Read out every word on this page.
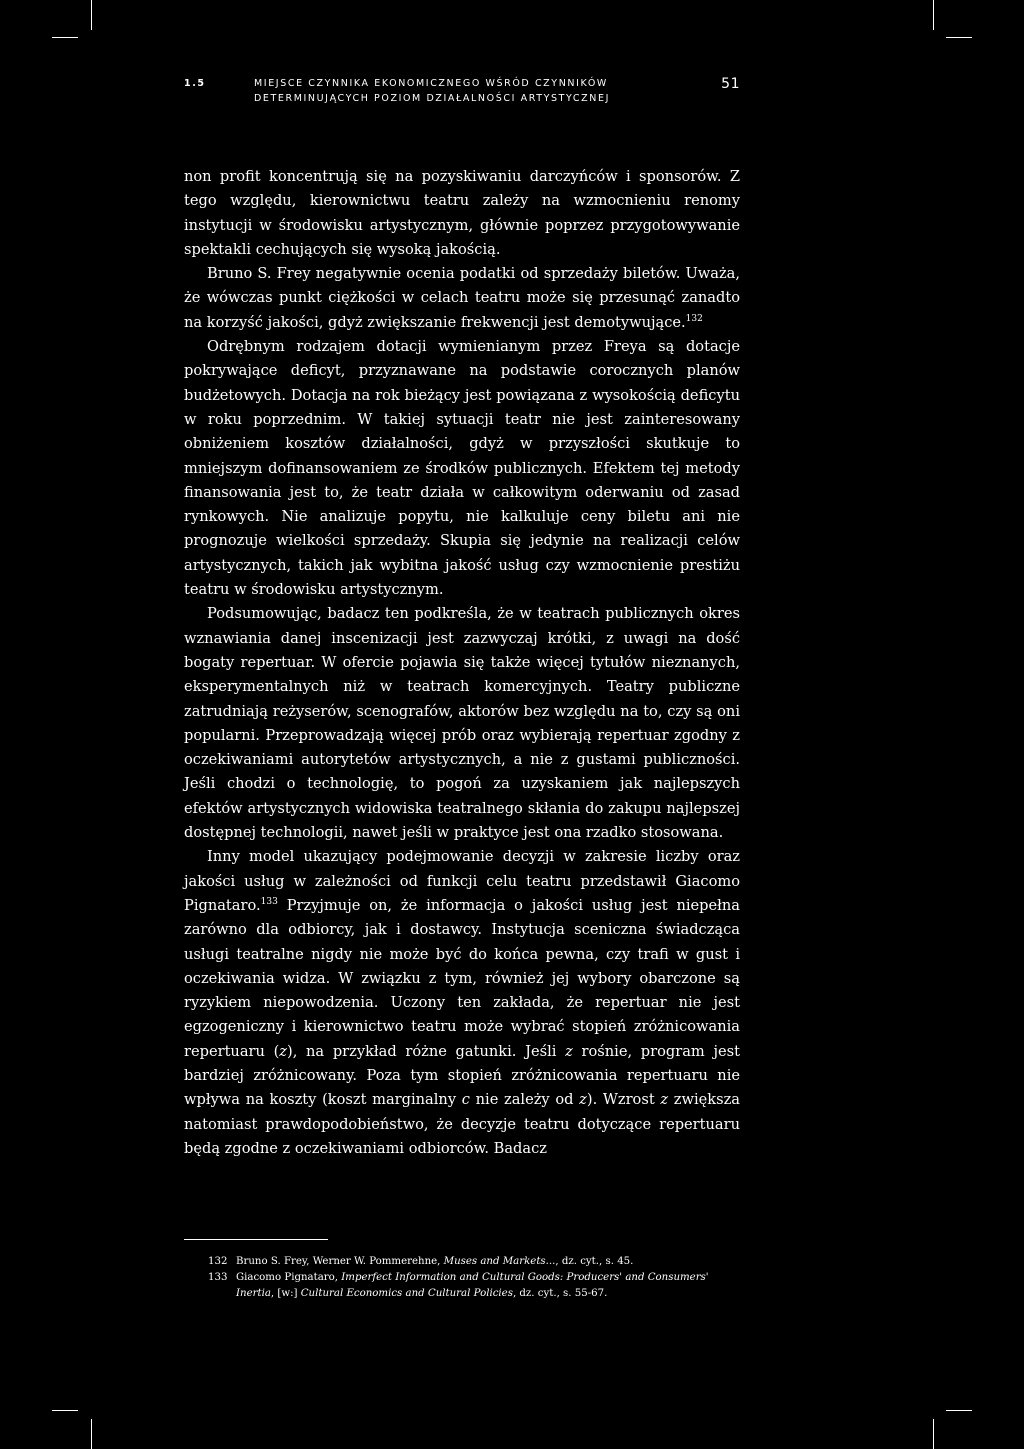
1.5	MIEJSCE CZYNNIKA EKONOMICZNEGO WŚRÓD CZYNNIKÓW
DETERMINUJĄCYCH POZIOM DZIAŁALNOŚCI ARTYSTYCZNEJ
51

non profit koncentrują się na pozyskiwaniu darczyńców i sponsorów. Z tego względu, kierownictwu teatru zależy na wzmocnieniu renomy instytucji w środowisku artystycznym, głównie poprzez przygotowywanie spektakli cechujących się wysoką jakością.

Bruno S. Frey negatywnie ocenia podatki od sprzedaży biletów. Uważa, że wówczas punkt ciężkości w celach teatru może się przesunąć zanadto na korzyść jakości, gdyż zwiększanie frekwencji jest demotywujące.$^{132}$

Odrębnym rodzajem dotacji wymienianym przez Freya są dotacje pokrywające deficyt, przyznawane na podstawie corocznych planów budżetowych. Dotacja na rok bieżący jest powiązana z wysokością deficytu w roku poprzednim. W takiej sytuacji teatr nie jest zainteresowany obniżeniem kosztów działalności, gdyż w przyszłości skutkuje to mniejszym dofinansowaniem ze środków publicznych. Efektem tej metody finansowania jest to, że teatr działa w całkowitym oderwaniu od zasad rynkowych. Nie analizuje popytu, nie kalkuluje ceny biletu ani nie prognozuje wielkości sprzedaży. Skupia się jedynie na realizacji celów artystycznych, takich jak wybitna jakość usług czy wzmocnienie prestiżu teatru w środowisku artystycznym.

Podsumowując, badacz ten podkreśla, że w teatrach publicznych okres wznawiania danej inscenizacji jest zazwyczaj krótki, z uwagi na dość bogaty repertuar. W ofercie pojawia się także więcej tytułów nieznanych, eksperymentalnych niż w teatrach komercyjnych. Teatry publiczne zatrudniają reżyserów, scenografów, aktorów bez względu na to, czy są oni popularni. Przeprowadzają więcej prób oraz wybierają repertuar zgodny z oczekiwaniami autorytetów artystycznych, a nie z gustami publiczności. Jeśli chodzi o technologię, to pogoń za uzyskaniem jak najlepszych efektów artystycznych widowiska teatralnego skłania do zakupu najlepszej dostępnej technologii, nawet jeśli w praktyce jest ona rzadko stosowana.

Inny model ukazujący podejmowanie decyzji w zakresie liczby oraz jakości usług w zależności od funkcji celu teatru przedstawił Giacomo Pignataro.$^{133}$ Przyjmuje on, że informacja o jakości usług jest niepełna zarówno dla odbiorcy, jak i dostawcy. Instytucja sceniczna świadcząca usługi teatralne nigdy nie może być do końca pewna, czy trafi w gust i oczekiwania widza. W związku z tym, również jej wybory obarczone są ryzykiem niepowodzenia. Uczony ten zakłada, że repertuar nie jest egzogeniczny i kierownictwo teatru może wybrać stopień zróżnicowania repertuaru (z), na przykład różne gatunki. Jeśli z rośnie, program jest bardziej zróżnicowany. Poza tym stopień zróżnicowania repertuaru nie wpływa na koszty (koszt marginalny c nie zależy od z). Wzrost z zwiększa natomiast prawdopodobieństwo, że decyzje teatru dotyczące repertuaru będą zgodne z oczekiwaniami odbiorców. Badacz

132 Bruno S. Frey, Werner W. Pommerehne, Muses and Markets..., dz. cyt., s. 45.
133 Giacomo Pignataro, Imperfect Information and Cultural Goods: Producers' and Consumers' Inertia, [w:] Cultural Economics and Cultural Policies, dz. cyt., s. 55-67.
